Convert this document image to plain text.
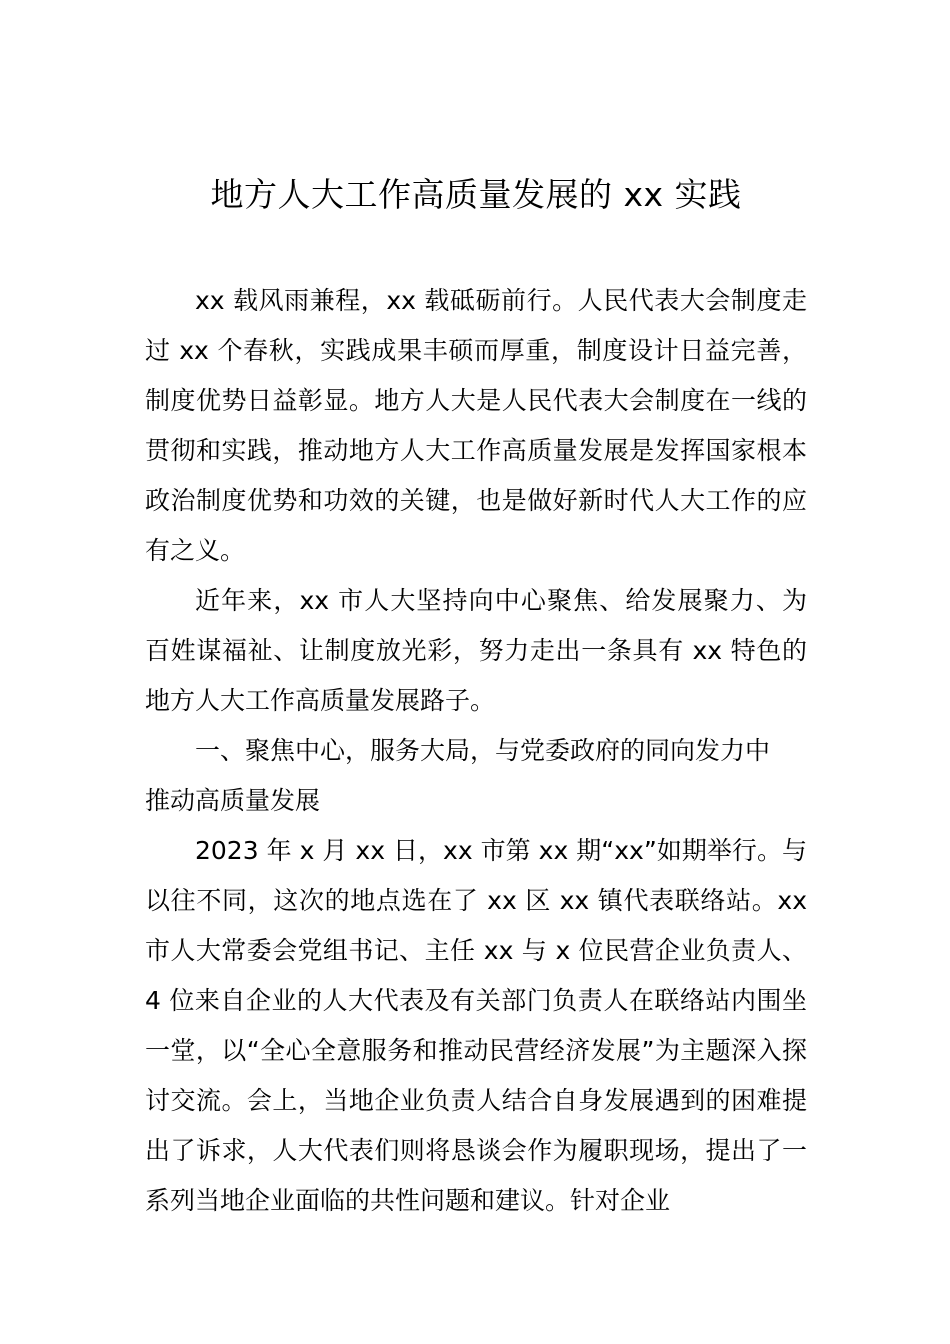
地方人大工作高质量发展的 xx 实践

xx 载风雨兼程，xx 载砥砺前行。人民代表大会制度走过 xx 个春秋，实践成果丰硕而厚重，制度设计日益完善，制度优势日益彰显。地方人大是人民代表大会制度在一线的贯彻和实践，推动地方人大工作高质量发展是发挥国家根本政治制度优势和功效的关键，也是做好新时代人大工作的应有之义。

近年来，xx 市人大坚持向中心聚焦、给发展聚力、为百姓谋福祉、让制度放光彩，努力走出一条具有 xx 特色的地方人大工作高质量发展路子。

一、聚焦中心，服务大局，与党委政府的同向发力中推动高质量发展

2023 年 x 月 xx 日，xx 市第 xx 期“xx”如期举行。与以往不同，这次的地点选在了 xx 区 xx 镇代表联络站。xx 市人大常委会党组书记、主任 xx 与 x 位民营企业负责人、4 位来自企业的人大代表及有关部门负责人在联络站内围坐一堂，以“全心全意服务和推动民营经济发展”为主题深入探讨交流。会上，当地企业负责人结合自身发展遇到的困难提出了诉求，人大代表们则将恳谈会作为履职现场，提出了一系列当地企业面临的共性问题和建议。针对企业
